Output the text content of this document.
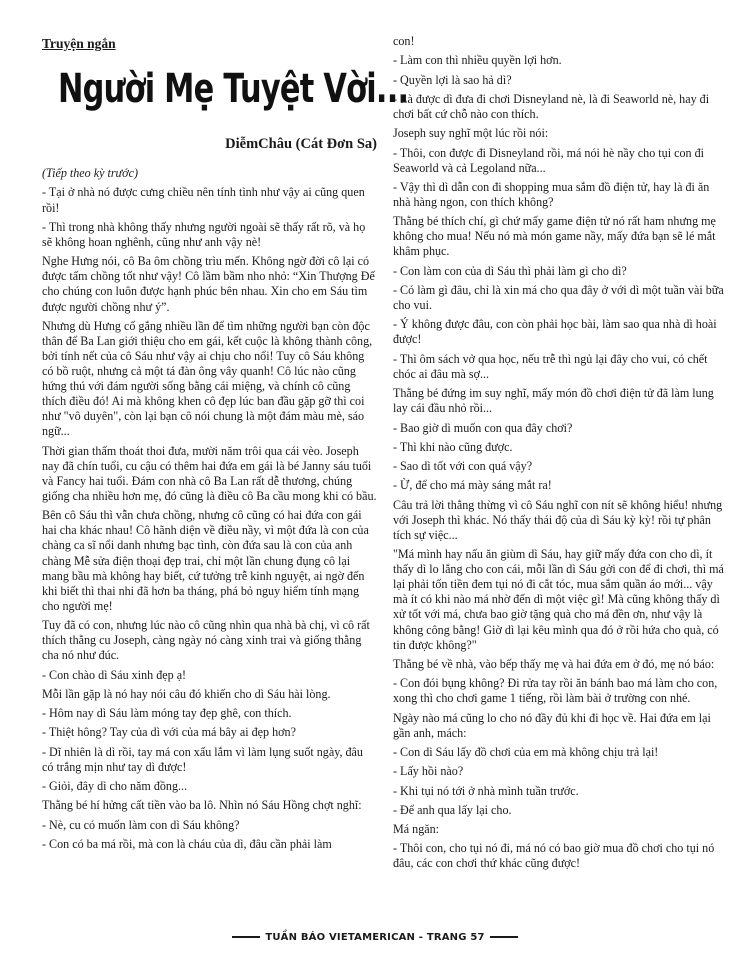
Truyện ngắn
Người Mẹ Tuyệt Vời...
DiễmChâu (Cát Đơn Sa)

(Tiếp theo kỳ trước)

- Tại ở nhà nó được cưng chiều nên tính tình như vậy ai cũng quen rồi!

- Thì trong nhà không thấy nhưng người ngoài sẽ thấy rất rõ, và họ sẽ không hoan nghênh, cũng như anh vậy nè!

Nghe Hưng nói, cô Ba ôm chồng trìu mến. Không ngờ đời cô lại có được tấm chồng tốt như vậy! Cô lầm bầm nho nhỏ: “Xin Thượng Đế cho chúng con luôn được hạnh phúc bên nhau. Xin cho em Sáu tìm được người chồng như ý”.

Nhưng dù Hưng cố gắng nhiều lần để tìm những người bạn còn độc thân để Ba Lan giới thiệu cho em gái, kết cuộc là không thành công, bởi tính nết của cô Sáu như vậy ai chịu cho nổi! Tuy cô Sáu không có bồ ruột, nhưng cả một tá đàn ông vây quanh! Cô lúc nào cũng hứng thú với đám người sống bằng cái miệng, và chính cô cũng thích điều đó! Ai mà không khen cô đẹp lúc ban đầu gặp gỡ thì coi như "vô duyên", còn lại bạn cô nói chung là một đám màu mè, sáo ngữ...

Thời gian thấm thoát thoi đưa, mười năm trôi qua cái vèo. Joseph nay đã chín tuổi, cu cậu có thêm hai đứa em gái là bé Janny sáu tuổi và Fancy hai tuổi. Đám con nhà cô Ba Lan rất dễ thương, chúng giống cha nhiều hơn mẹ, đó cũng là điều cô Ba cầu mong khi có bầu.

Bên cô Sáu thì vẫn chưa chồng, nhưng cô cũng có hai đứa con gái hai cha khác nhau! Cô hãnh diện về điều nầy, vì một đứa là con của chàng ca sĩ nổi danh nhưng bạc tình, còn đứa sau là con của anh chàng Mễ sửa điện thoại đẹp trai, chỉ một lần chung đụng cô lại mang bầu mà không hay biết, cứ tưởng trễ kinh nguyệt, ai ngờ đến khi biết thì thai nhi đã hơn ba tháng, phá bỏ nguy hiểm tính mạng cho người mẹ!

Tuy đã có con, nhưng lúc nào cô cũng nhìn qua nhà bà chị, vì cô rất thích thằng cu Joseph, càng ngày nó càng xinh trai và giống thằng cha nó như đúc.

- Con chào dì Sáu xinh đẹp ạ!

Mỗi lần gặp là nó hay nói câu đó khiến cho dì Sáu hài lòng.

- Hôm nay dì Sáu làm móng tay đẹp ghê, con thích.

- Thiệt hông? Tay của dì với của má bây ai đẹp hơn?

- Dĩ nhiên là dì rồi, tay má con xấu lắm vì làm lụng suốt ngày, đâu có trắng mịn như tay dì được!

- Giỏi, đây dì cho năm đồng...

Thằng bé hí hửng cất tiền vào ba lô. Nhìn nó Sáu Hồng chợt nghĩ:

- Nè, cu có muốn làm con dì Sáu không?

- Con có ba má rồi, mà con là cháu của dì, đâu cần phải làm

con!

- Làm con thì nhiều quyền lợi hơn.

- Quyền lợi là sao hả dì?

- Là được dì đưa đi chơi Disneyland nè, là đi Seaworld nè, hay đi chơi bất cứ chỗ nào con thích.

Joseph suy nghĩ một lúc rồi nói:

- Thôi, con được đi Disneyland rồi, má nói hè nầy cho tụi con đi Seaworld và cả Legoland nữa...

- Vậy thì dì dẫn con đi shopping mua sắm đồ điện tử, hay là đi ăn nhà hàng ngon, con thích không?

Thằng bé thích chí, gì chứ mấy game điện tử nó rất ham nhưng mẹ không cho mua! Nếu nó mà món game nầy, mấy đứa bạn sẽ lé mắt khâm phục.

- Con làm con của dì Sáu thì phải làm gì cho dì?

- Có làm gì đâu, chỉ là xin má cho qua đây ở với dì một tuần vài bữa cho vui.

- Ý không được đâu, con còn phải học bài, làm sao qua nhà dì hoài được!

- Thì ôm sách vở qua học, nếu trễ thì ngủ lại đây cho vui, có chết chóc ai đâu mà sợ...

Thằng bé đứng im suy nghĩ, mấy món đồ chơi điện tử đã làm lung lay cái đầu nhỏ rồi...

- Bao giờ dì muốn con qua đây chơi?

- Thì khi nào cũng được.

- Sao dì tốt với con quá vậy?

- Ừ, để cho má mày sáng mắt ra!

Câu trả lời thẳng thừng vì cô Sáu nghĩ con nít sẽ không hiểu! nhưng với Joseph thì khác. Nó thấy thái độ của dì Sáu kỳ kỳ! rồi tự phân tích sự việc...

"Má mình hay nấu ăn giùm dì Sáu, hay giữ mấy đứa con cho dì, ít thấy dì lo lắng cho con cái, mỗi lần dì Sáu gởi con để đi chơi, thì má lại phải tốn tiền đem tụi nó đi cắt tóc, mua sắm quần áo mới... vậy mà ít có khi nào má nhờ đến dì một việc gì! Mà cũng không thấy dì xử tốt với má, chưa bao giờ tặng quà cho má đền ơn, như vậy là không công bằng! Giờ dì lại kêu mình qua đó ở rồi hứa cho quà, có tin được không?"

Thằng bé về nhà, vào bếp thấy mẹ và hai đứa em ở đó, mẹ nó báo:

- Con đói bụng không? Đi rửa tay rồi ăn bánh bao má làm cho con, xong thì cho chơi game 1 tiếng, rồi làm bài ở trường con nhé.

Ngày nào má cũng lo cho nó đầy đủ khi đi học về. Hai đứa em lại gần anh, mách:

- Con dì Sáu lấy đồ chơi của em mà không chịu trả lại!

- Lấy hồi nào?

- Khi tụi nó tới ở nhà mình tuần trước.

- Để anh qua lấy lại cho.

Má ngăn:

- Thôi con, cho tụi nó đi, má nó có bao giờ mua đồ chơi cho tụi nó đâu, các con chơi thứ khác cũng được!

TUẦN BÁO VIETAMERICAN - TRANG 57
